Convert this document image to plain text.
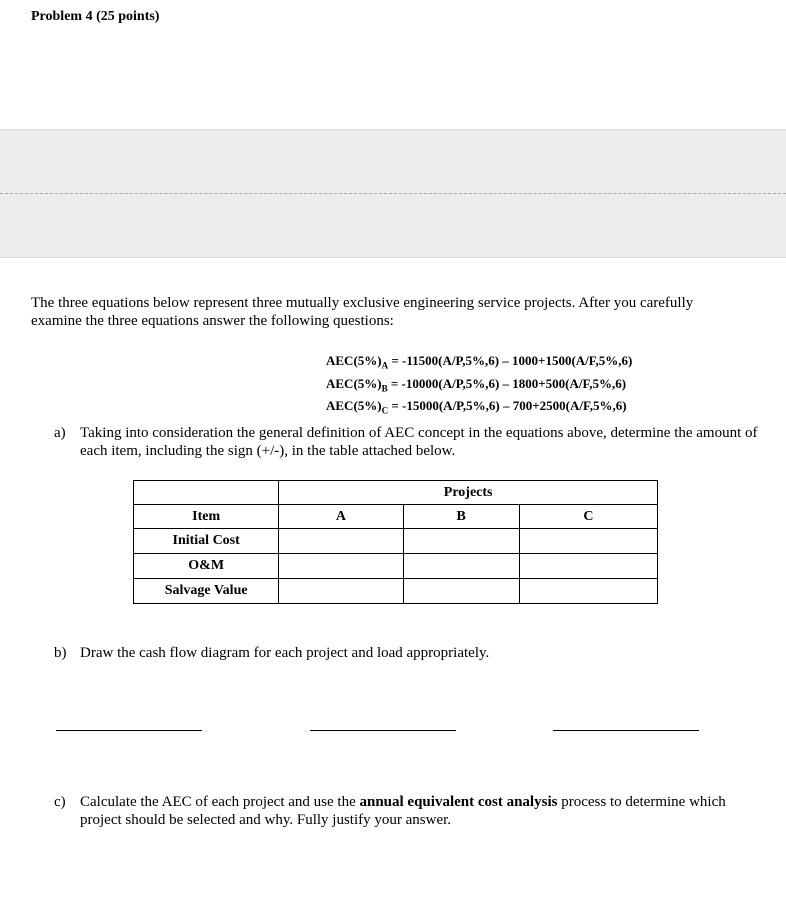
Problem 4 (25 points)
The three equations below represent three mutually exclusive engineering service projects. After you carefully examine the three equations answer the following questions:
$AEC(5\%)_A = -11500(A/P,5\%,6) - 1000+1500(A/F,5\%,6)$
$AEC(5\%)_B = -10000(A/P,5\%,6) - 1800+500(A/F,5\%,6)$
$AEC(5\%)_C = -15000(A/P,5\%,6) - 700+2500(A/F,5\%,6)$
a) Taking into consideration the general definition of AEC concept in the equations above, determine the amount of each item, including the sign (+/-), in the table attached below.
	Projects		
Item	A	B	C
Initial Cost			
O&M			
Salvage Value			
b) Draw the cash flow diagram for each project and load appropriately.
c) Calculate the AEC of each project and use the annual equivalent cost analysis process to determine which project should be selected and why. Fully justify your answer.
